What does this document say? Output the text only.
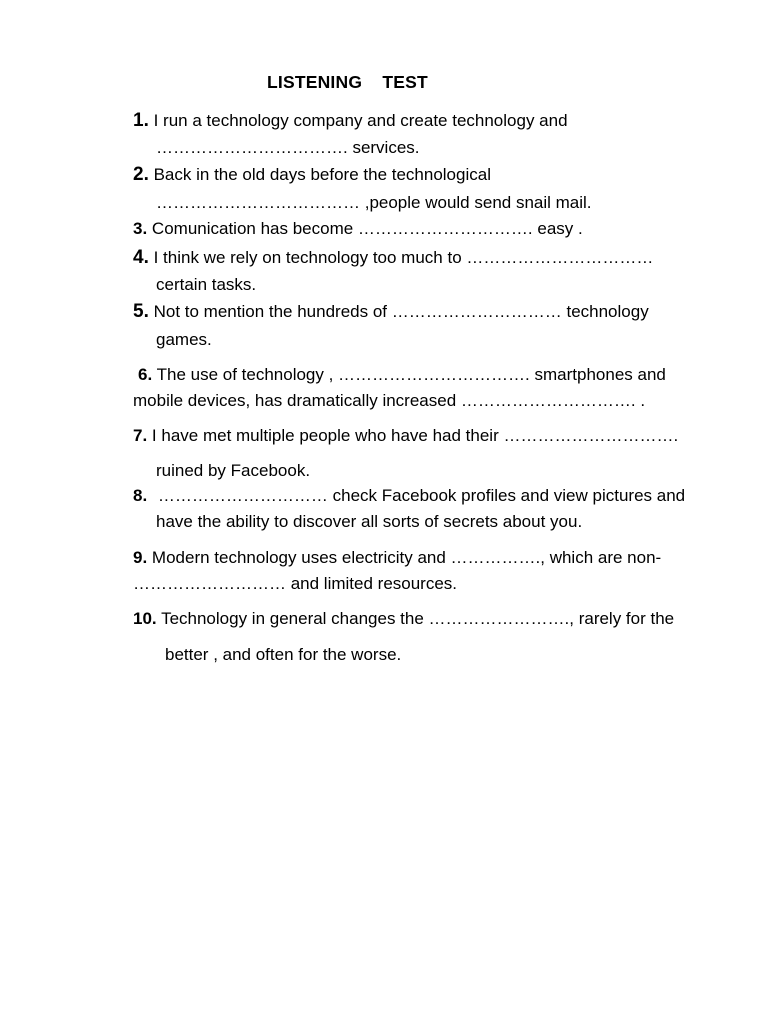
LISTENING    TEST
1. I run a technology company and create technology and
……………………………. services.
2. Back in the old days before the technological
……………………………… ,people would send snail mail.
3. Comunication has become …………………………. easy .
4. I think we rely on technology too much to ……………………………
certain tasks.
5. Not to mention the hundreds of ………………………… technology
games.
6. The use of technology , ……………………………. smartphones and
mobile devices, has dramatically increased …………………………. .
7. I have met multiple people who have had their ………………………….
ruined by Facebook.
8. ………………………… check Facebook profiles and view pictures and
have the ability to discover all sorts of secrets about you.
9. Modern technology uses electricity and ……………., which are non-
……………………… and limited resources.
10. Technology in general changes the ……………………., rarely for the
better , and often for the worse.
